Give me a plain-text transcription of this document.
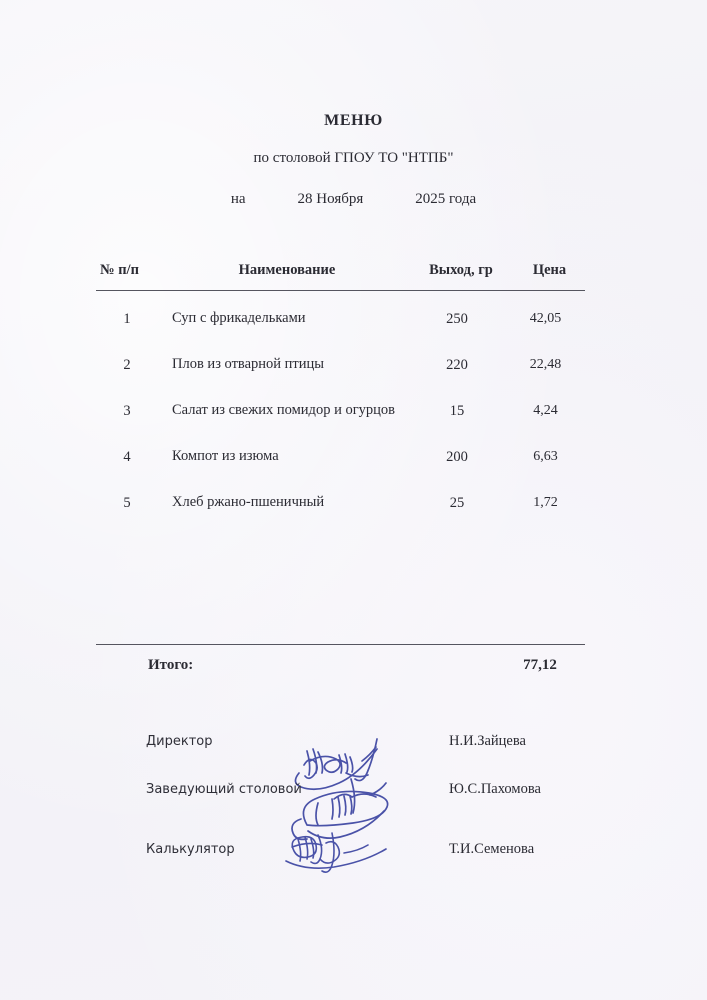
МЕНЮ
по столовой ГПОУ ТО "НТПБ"
на	28 Ноября	2025 года
№ п/п	Наименование	Выход, гр	Цена
1	Суп с фрикадельками	250	42,05
2	Плов из отварной птицы	220	22,48
3	Салат из свежих помидор и огурцов	15	4,24
4	Компот из изюма	200	6,63
5	Хлеб ржано-пшеничный	25	1,72
Итого:	77,12
Директор	Н.И.Зайцева
Заведующий столовой	Ю.С.Пахомова
Калькулятор	Т.И.Семенова
